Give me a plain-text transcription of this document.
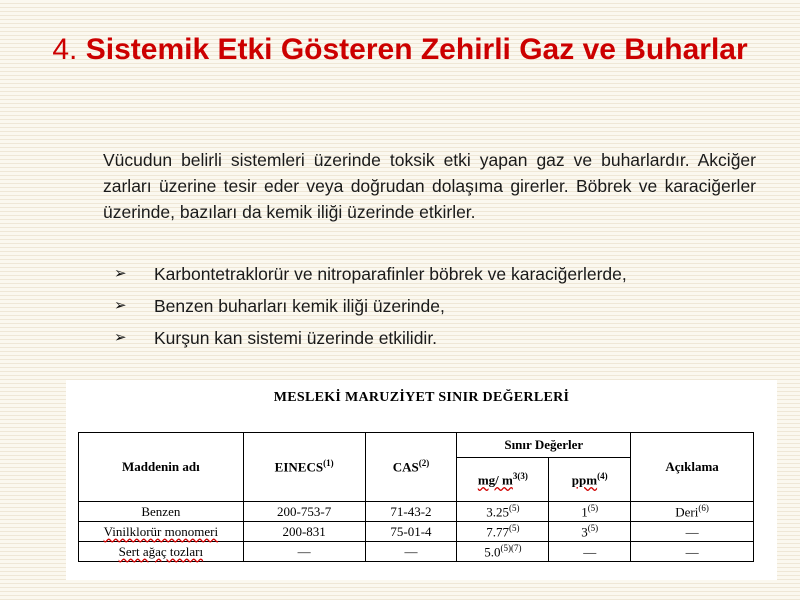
4. Sistemik Etki Gösteren Zehirli Gaz ve Buharlar

Vücudun belirli sistemleri üzerinde toksik etki yapan gaz ve buharlardır. Akciğer zarları üzerine tesir eder veya doğrudan dolaşıma girerler. Böbrek ve karaciğerler üzerinde, bazıları da kemik iliği üzerinde etkirler.

➢ Karbontetraklorür ve nitroparafinler böbrek ve karaciğerlerde,
➢ Benzen buharları kemik iliği üzerinde,
➢ Kurşun kan sistemi üzerinde etkilidir.
MESLEKİ MARUZİYET SINIR DEĞERLERİ
Maddenin adı	EINECS$^{(1)}$	CAS$^{(2)}$	Sınır Değerler		Açıklama
			mg/ $m^{3(3)}$	ppm$^{(4)}$
Benzen	200-753-7	71-43-2	3.25$^{(5)}$	1$^{(5)}$	Deri$^{(6)}$
Vinilklorür monomeri	200-831	75-01-4	7.77$^{(5)}$	3$^{(5)}$	—
Sert ağaç tozları	—	—	$5.0^{(5)(7)}$	—	—
